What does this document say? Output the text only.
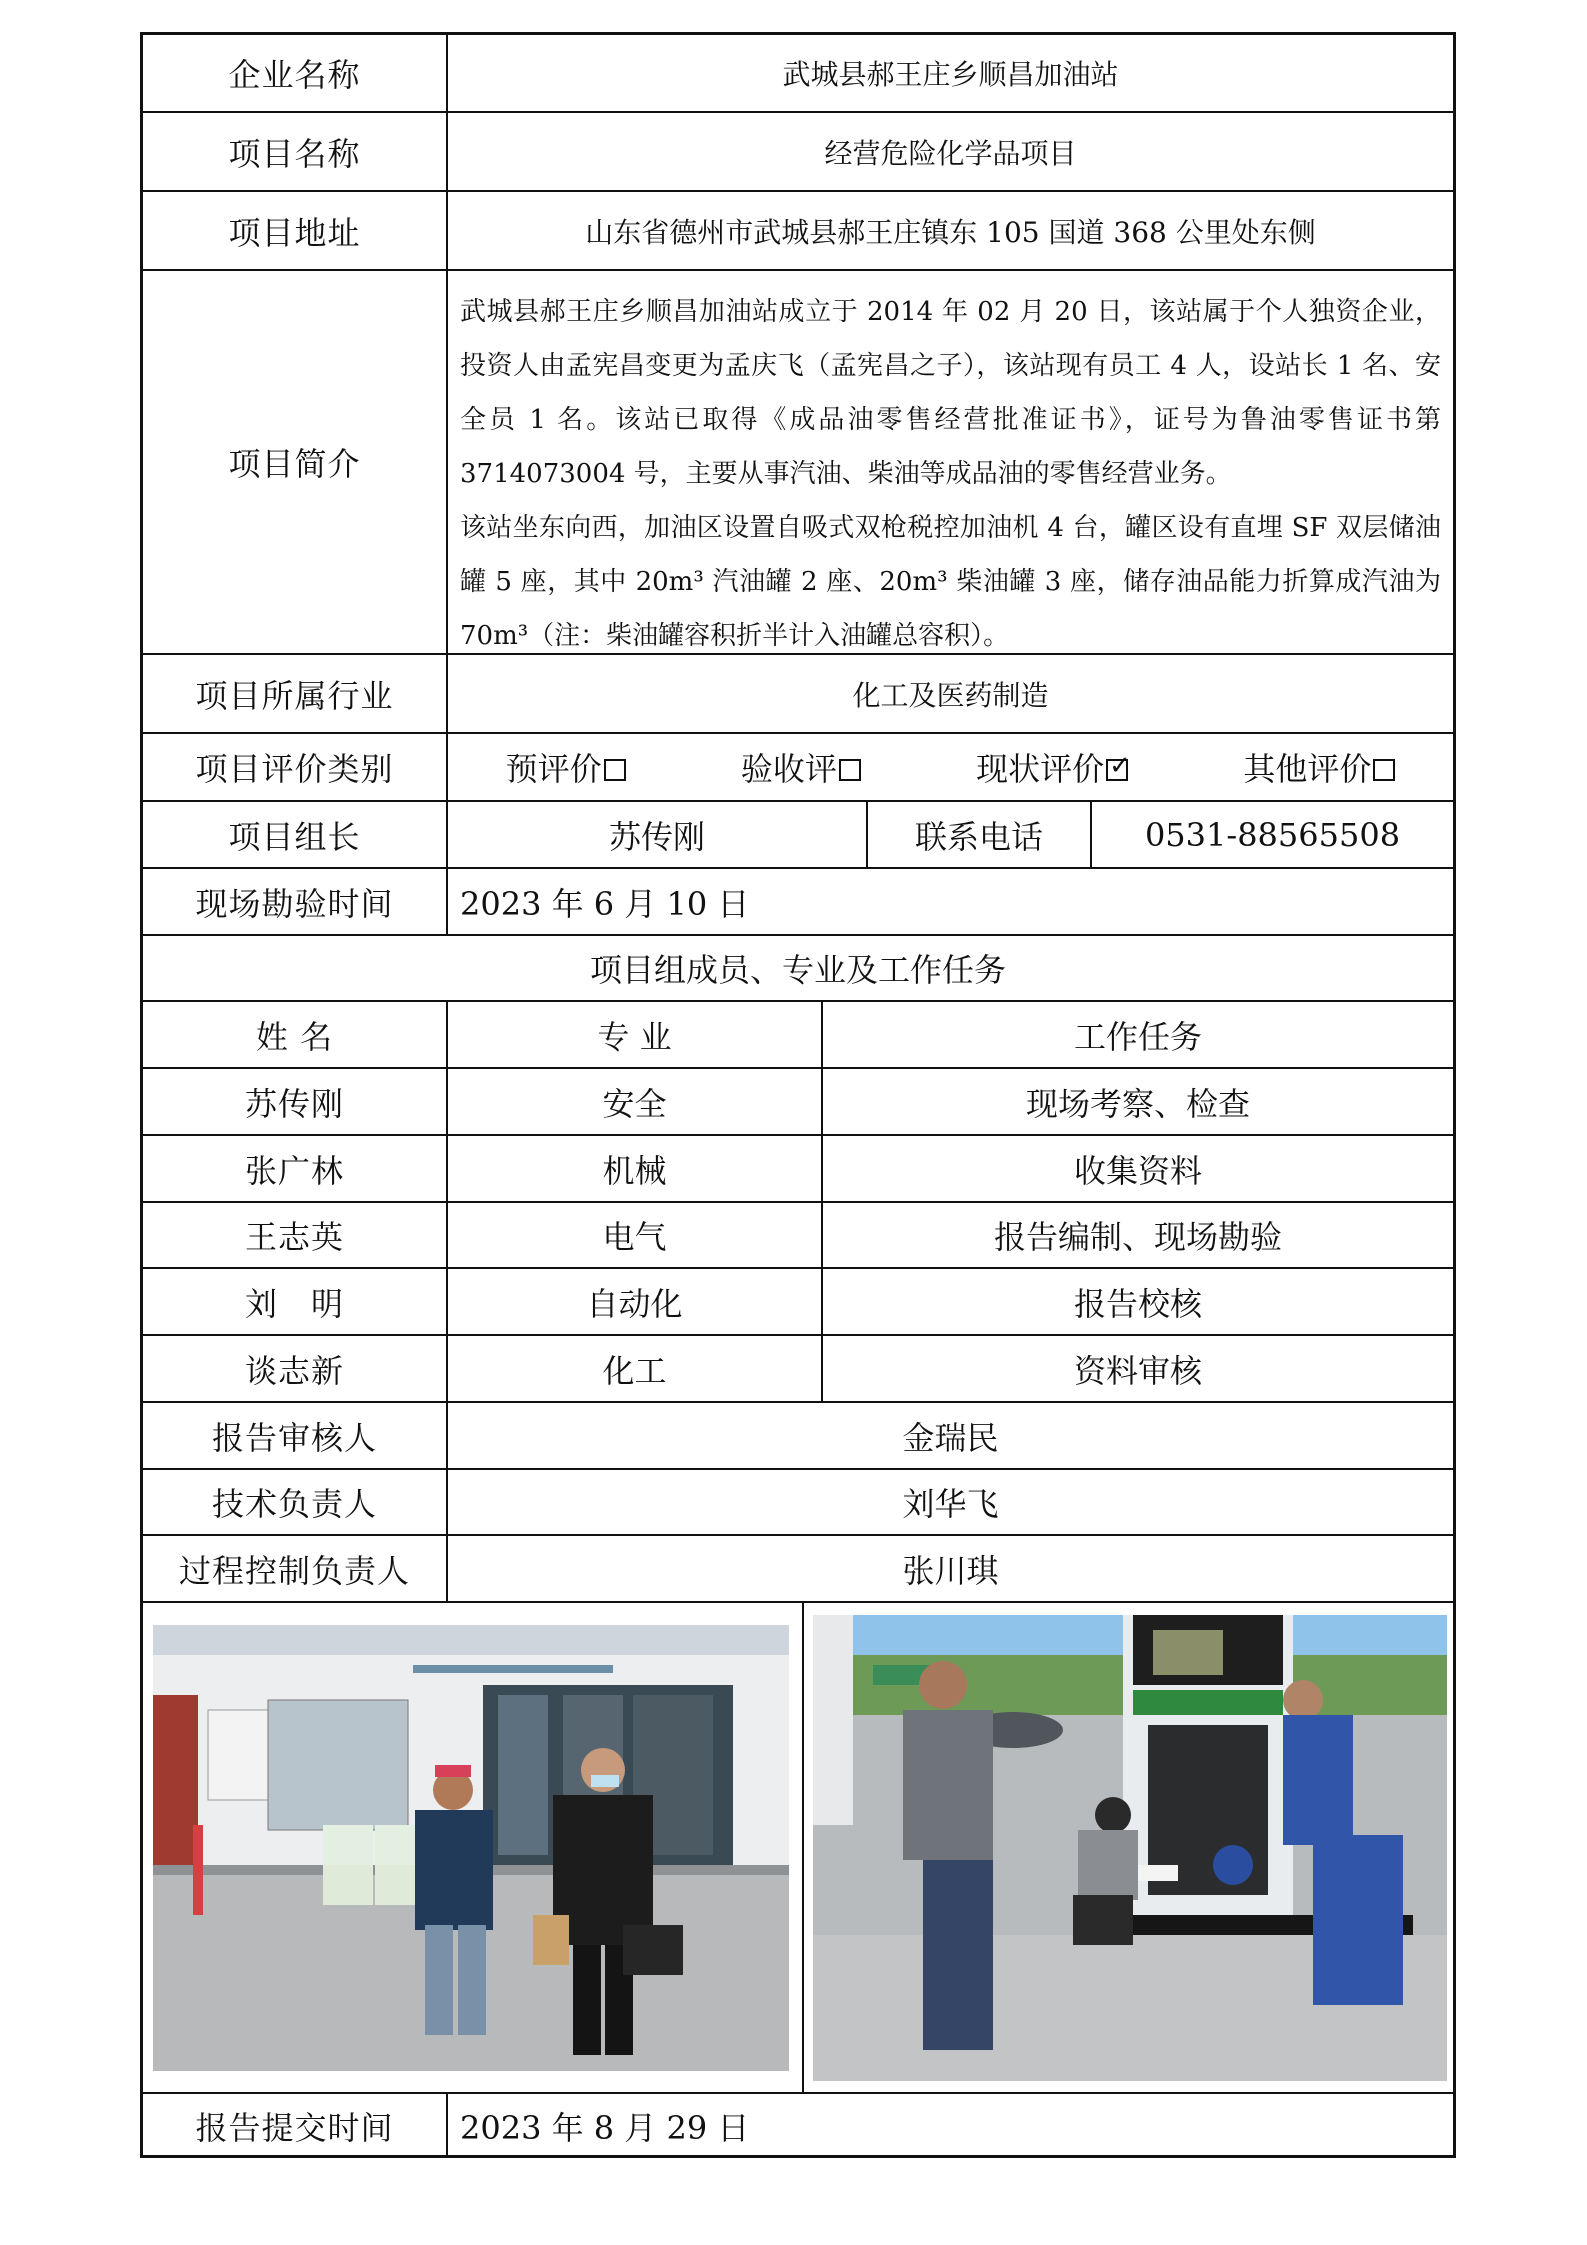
企业名称	武城县郝王庄乡顺昌加油站
项目名称	经营危险化学品项目
项目地址	山东省德州市武城县郝王庄镇东 105 国道 368 公里处东侧
项目简介

武城县郝王庄乡顺昌加油站成立于 2014 年 02 月 20 日，该站属于个人独资企业，投资人由孟宪昌变更为孟庆飞（孟宪昌之子），该站现有员工 4 人，设站长 1 名、安全员 1 名。该站已取得《成品油零售经营批准证书》，证号为鲁油零售证书第 3714073004 号，主要从事汽油、柴油等成品油的零售经营业务。

该站坐东向西，加油区设置自吸式双枪税控加油机 4 台，罐区设有直埋 SF 双层储油罐 5 座，其中 20m³ 汽油罐 2 座、20m³ 柴油罐 3 座，储存油品能力折算成汽油为 70m³（注：柴油罐容积折半计入油罐总容积）。

项目所属行业	化工及医药制造
项目评价类别	预评价	验收评	现状评价✓	其他评价
项目组长	苏传刚	联系电话	0531-88565508
现场勘验时间	2023 年 6 月 10 日
项目组成员、专业及工作任务
姓 名	专 业	工作任务
苏传刚	安全	现场考察、检查
张广林	机械	收集资料
王志英	电气	报告编制、现场勘验
刘　明	自动化	报告校核
谈志新	化工	资料审核
报告审核人	金瑞民
技术负责人	刘华飞
过程控制负责人	张川琪
报告提交时间	2023 年 8 月 29 日
